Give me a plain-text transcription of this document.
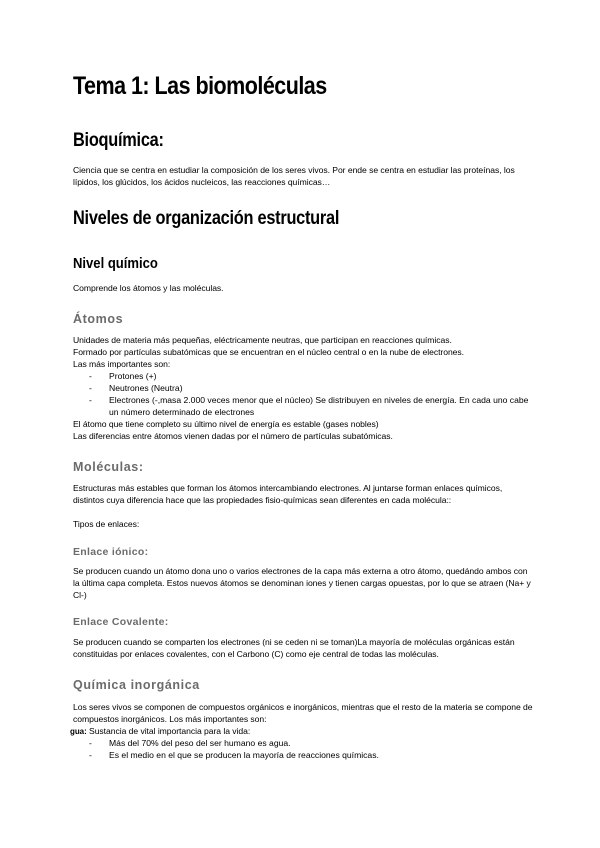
Tema 1: Las biomoléculas
Bioquímica:
Ciencia que se centra en estudiar la composición de los seres vivos. Por ende se centra en estudiar las proteínas, los lípidos, los glúcidos, los ácidos nucleicos, las reacciones químicas…
Niveles de organización estructural
Nivel químico
Comprende los átomos y las moléculas.
Átomos
Unidades de materia más pequeñas, eléctricamente neutras, que participan en reacciones químicas.
Formado por partículas subatómicas que se encuentran en el núcleo central o en la nube de electrones.
Las más importantes son:
-	Protones (+)
-	Neutrones (Neutra)
-	Electrones (-,masa 2.000 veces menor que el núcleo) Se distribuyen en niveles de energía. En cada uno cabe un número determinado de electrones
El átomo que tiene completo su último nivel de energía es estable (gases nobles)
Las diferencias entre átomos vienen dadas por el número de partículas subatómicas.
Moléculas:
Estructuras más estables que forman los átomos intercambiando electrones. Al juntarse forman enlaces químicos, distintos cuya diferencia hace que las propiedades fisio-químicas sean diferentes en cada molécula::
Tipos de enlaces:
Enlace iónico:
Se producen cuando un átomo dona uno o varios electrones de la capa más externa a otro átomo, quedándo ambos con la última capa completa. Estos nuevos átomos se denominan iones y tienen cargas opuestas, por lo que se atraen (Na+ y Cl-)
Enlace Covalente:
Se producen cuando se comparten los electrones (ni se ceden ni se toman)La mayoría de moléculas orgánicas están constituidas por enlaces covalentes, con el Carbono (C) como eje central de todas las moléculas.
Química inorgánica
Los seres vivos se componen de compuestos orgánicos e inorgánicos, mientras que el resto de la materia se compone de compuestos inorgánicos. Los más importantes son:
gua: Sustancia de vital importancia para la vida:
-	Más del 70% del peso del ser humano es agua.
-	Es el medio en el que se producen la mayoría de reacciones químicas.
